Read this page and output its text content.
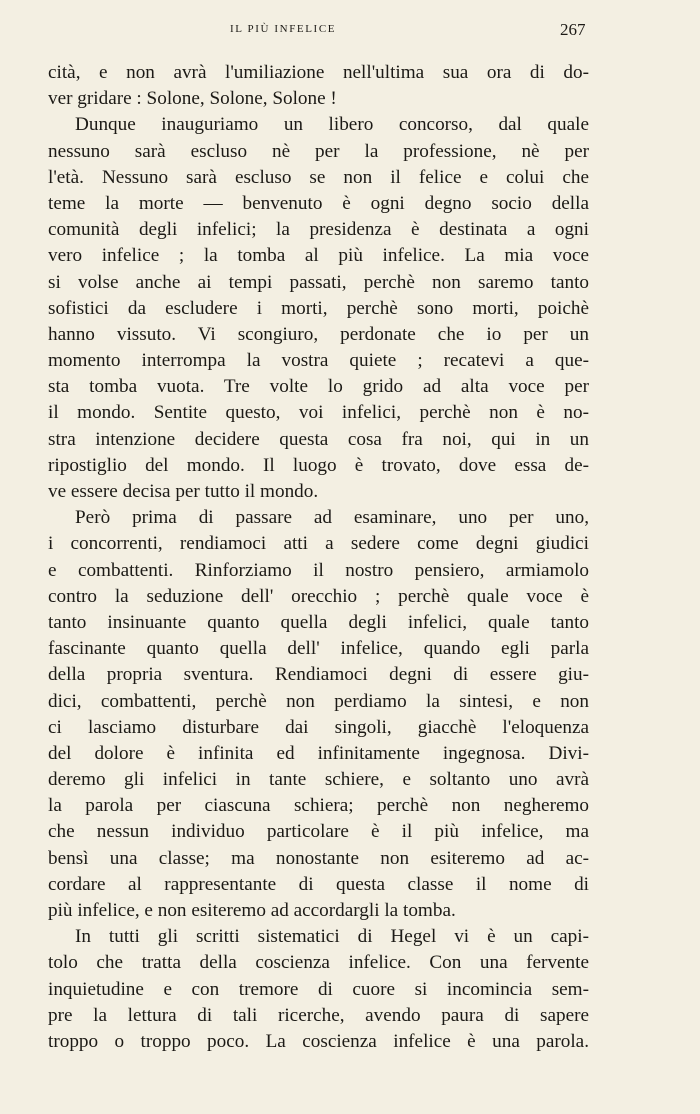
IL PIÙ INFELICE	267
cità, e non avrà l'umiliazione nell'ultima sua ora di do-
ver gridare : Solone, Solone, Solone !
Dunque inauguriamo un libero concorso, dal quale
nessuno sarà escluso nè per la professione, nè per
l'età. Nessuno sarà escluso se non il felice e colui che
teme la morte — benvenuto è ogni degno socio della
comunità degli infelici; la presidenza è destinata a ogni
vero infelice ; la tomba al più infelice. La mia voce
si volse anche ai tempi passati, perchè non saremo tanto
sofistici da escludere i morti, perchè sono morti, poichè
hanno vissuto. Vi scongiuro, perdonate che io per un
momento interrompa la vostra quiete ; recatevi a que-
sta tomba vuota. Tre volte lo grido ad alta voce per
il mondo. Sentite questo, voi infelici, perchè non è no-
stra intenzione decidere questa cosa fra noi, qui in un
ripostiglio del mondo. Il luogo è trovato, dove essa de-
ve essere decisa per tutto il mondo.
Però prima di passare ad esaminare, uno per uno,
i concorrenti, rendiamoci atti a sedere come degni giudici
e combattenti. Rinforziamo il nostro pensiero, armiamolo
contro la seduzione dell' orecchio ; perchè quale voce è
tanto insinuante quanto quella degli infelici, quale tanto
fascinante quanto quella dell' infelice, quando egli parla
della propria sventura. Rendiamoci degni di essere giu-
dici, combattenti, perchè non perdiamo la sintesi, e non
ci lasciamo disturbare dai singoli, giacchè l'eloquenza
del dolore è infinita ed infinitamente ingegnosa. Divi-
deremo gli infelici in tante schiere, e soltanto uno avrà
la parola per ciascuna schiera; perchè non negheremo
che nessun individuo particolare è il più infelice, ma
bensì una classe; ma nonostante non esiteremo ad ac-
cordare al rappresentante di questa classe il nome di
più infelice, e non esiteremo ad accordargli la tomba.
In tutti gli scritti sistematici di Hegel vi è un capi-
tolo che tratta della coscienza infelice. Con una fervente
inquietudine e con tremore di cuore si incomincia sem-
pre la lettura di tali ricerche, avendo paura di sapere
troppo o troppo poco. La coscienza infelice è una parola.
